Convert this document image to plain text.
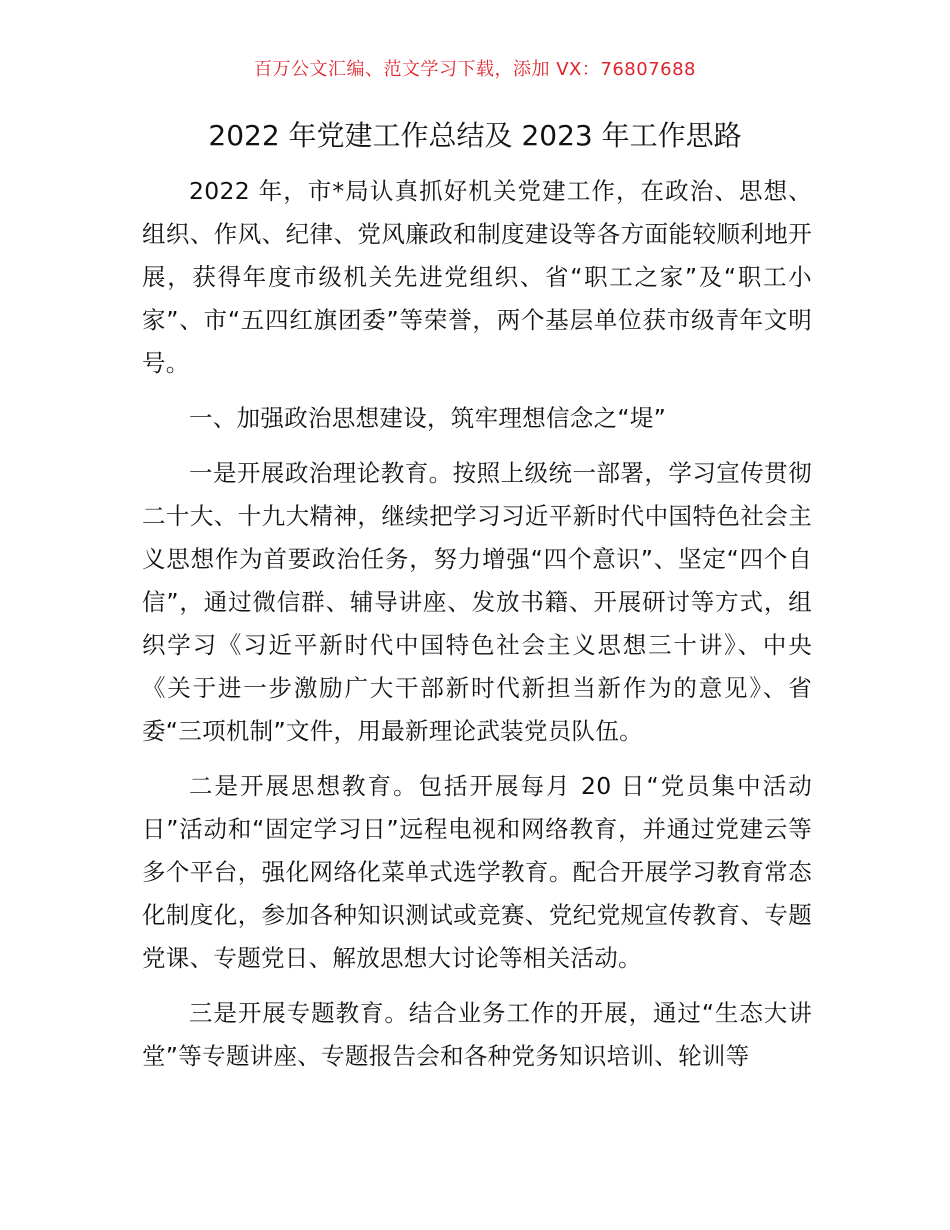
百万公文汇编、范文学习下载，添加 VX：76807688
2022 年党建工作总结及 2023 年工作思路

2022 年，市*局认真抓好机关党建工作，在政治、思想、组织、作风、纪律、党风廉政和制度建设等各方面能较顺利地开展，获得年度市级机关先进党组织、省“职工之家”及“职工小家”、市“五四红旗团委”等荣誉，两个基层单位获市级青年文明号。

一、加强政治思想建设，筑牢理想信念之“堤”

一是开展政治理论教育。按照上级统一部署，学习宣传贯彻二十大、十九大精神，继续把学习习近平新时代中国特色社会主义思想作为首要政治任务，努力增强“四个意识”、坚定“四个自信”，通过微信群、辅导讲座、发放书籍、开展研讨等方式，组织学习《习近平新时代中国特色社会主义思想三十讲》、中央《关于进一步激励广大干部新时代新担当新作为的意见》、省委“三项机制”文件，用最新理论武装党员队伍。

二是开展思想教育。包括开展每月 20 日“党员集中活动日”活动和“固定学习日”远程电视和网络教育，并通过党建云等多个平台，强化网络化菜单式选学教育。配合开展学习教育常态化制度化，参加各种知识测试或竞赛、党纪党规宣传教育、专题党课、专题党日、解放思想大讨论等相关活动。

三是开展专题教育。结合业务工作的开展，通过“生态大讲堂”等专题讲座、专题报告会和各种党务知识培训、轮训等
